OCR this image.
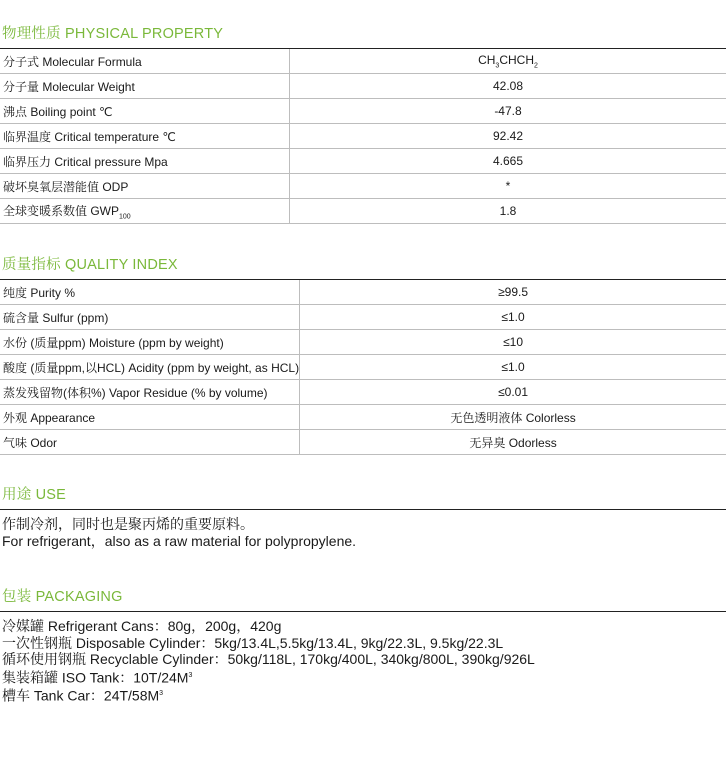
物理性质 PHYSICAL PROPERTY
分子式 Molecular Formula	$CH_3CHCH_2$
分子量 Molecular Weight	42.08
沸点 Boiling point ℃	-47.8
临界温度 Critical temperature ℃	92.42
临界压力 Critical pressure Mpa	4.665
破坏臭氧层潜能值 ODP	*
全球变暖系数值 $GWP_{100}$	1.8
质量指标 QUALITY INDEX
纯度 Purity %	≥99.5
硫含量 Sulfur (ppm)	≤1.0
水份 (质量ppm) Moisture (ppm by weight)	≤10
酸度 (质量ppm,以HCL) Acidity (ppm by weight, as HCL)	≤1.0
蒸发残留物(体积%) Vapor Residue (% by volume)	≤0.01
外观 Appearance	无色透明液体 Colorless
气味 Odor	无异臭 Odorless
用途 USE
作制冷剂，同时也是聚丙烯的重要原料。
For refrigerant，also as a raw material for polypropylene.
包装 PACKAGING
冷媒罐 Refrigerant Cans：80g，200g，420g
一次性钢瓶 Disposable Cylinder：5kg/13.4L,5.5kg/13.4L, 9kg/22.3L, 9.5kg/22.3L
循环使用钢瓶 Recyclable Cylinder：50kg/118L, 170kg/400L, 340kg/800L, 390kg/926L
集装箱罐 ISO Tank：$10T/24M^3$
槽车 Tank Car：$24T/58M^3$
